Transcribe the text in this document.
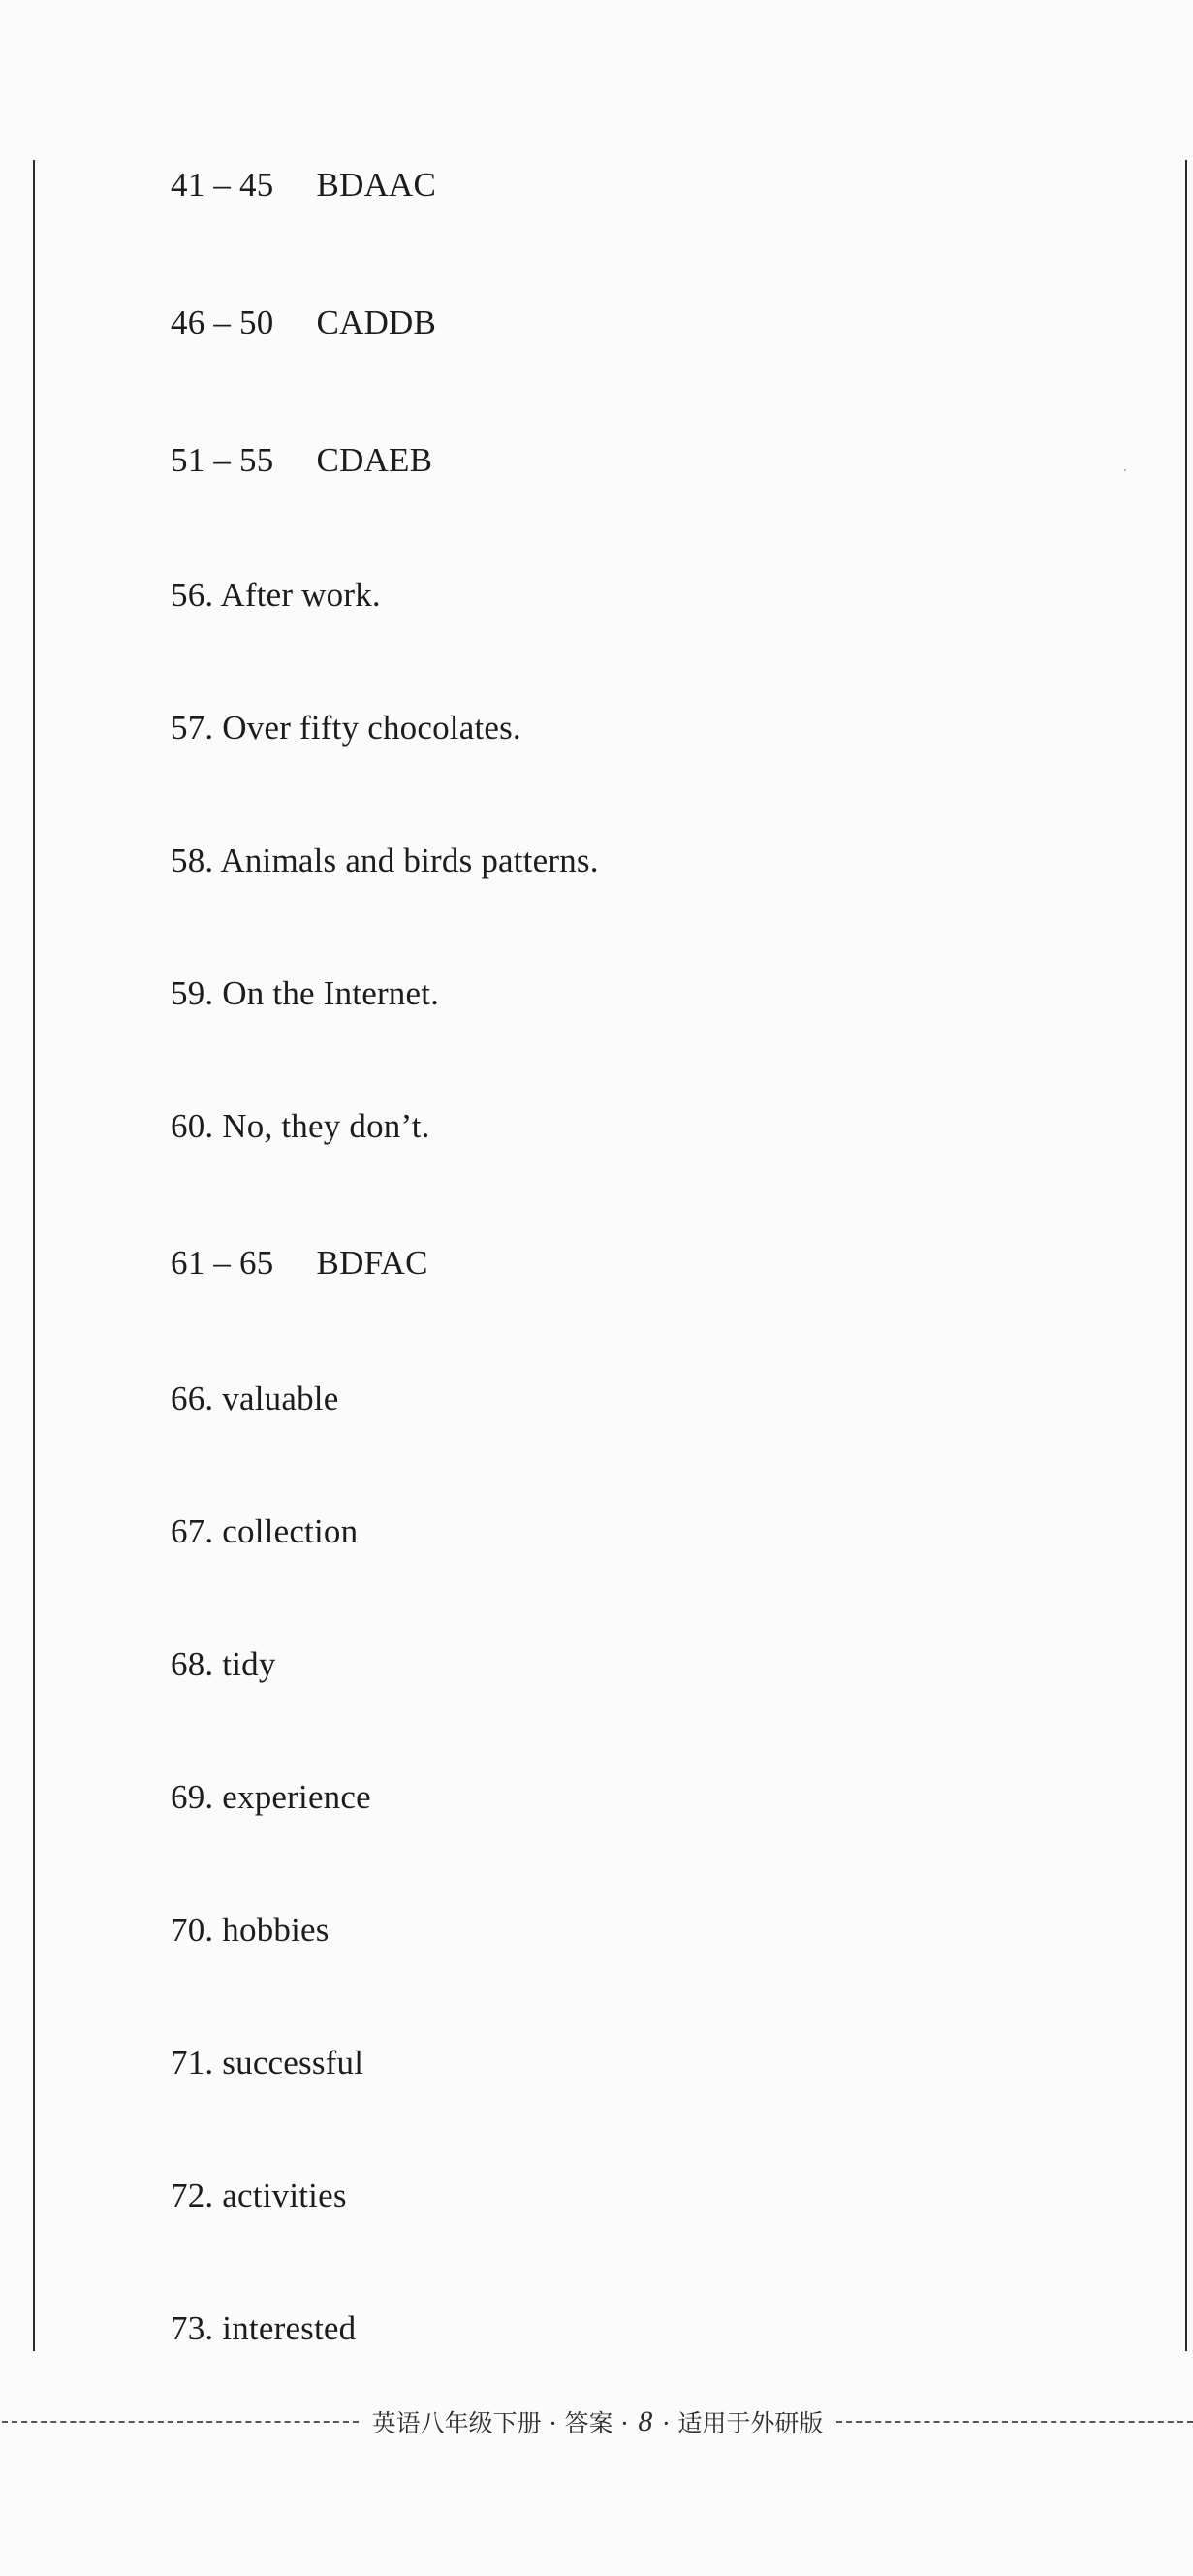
41 – 45  BDAAC
46 – 50  CADDB
51 – 55  CDAEB
56. After work.
57. Over fifty chocolates.
58. Animals and birds patterns.
59. On the Internet.
60. No, they don’t.
61 – 65  BDFAC
66. valuable
67. collection
68. tidy
69. experience
70. hobbies
71. successful
72. activities
73. interested
英语八年级下册 · 答案 · 8 · 适用于外研版
